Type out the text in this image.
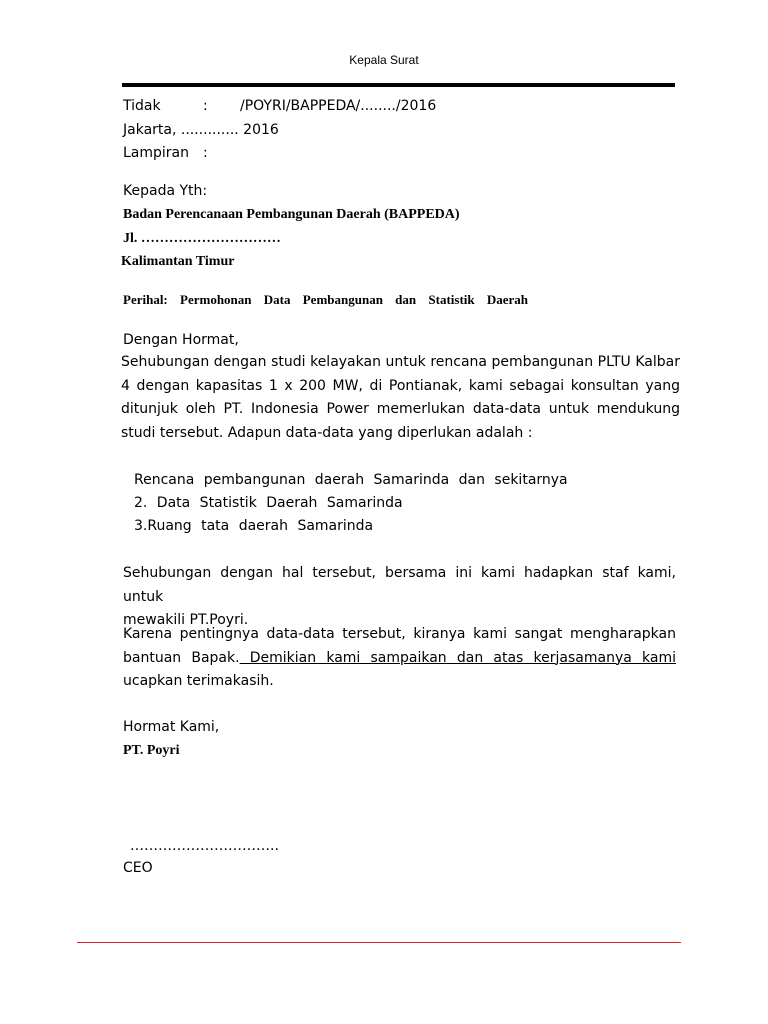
Kepala Surat
Tidak	: /POYRI/BAPPEDA/......../2016
Jakarta, ............. 2016
Lampiran :
Kepada Yth:
Badan Perencanaan Pembangunan Daerah (BAPPEDA)
Jl. …………………………
Kalimantan Timur
Perihal: Permohonan Data Pembangunan dan Statistik Daerah
Dengan Hormat,
Sehubungan dengan studi kelayakan untuk rencana pembangunan PLTU Kalbar
4 dengan kapasitas 1 x 200 MW, di Pontianak, kami sebagai konsultan yang
ditunjuk oleh PT. Indonesia Power memerlukan data-data untuk mendukung
studi tersebut. Adapun data-data yang diperlukan adalah :
Rencana pembangunan daerah Samarinda dan sekitarnya
2. Data Statistik Daerah Samarinda
3.Ruang tata daerah Samarinda
Sehubungan dengan hal tersebut, bersama ini kami hadapkan staf kami, untuk
mewakili PT.Poyri.
Karena pentingnya data-data tersebut, kiranya kami sangat mengharapkan
bantuan Bapak. Demikian kami sampaikan dan atas kerjasamanya kami
ucapkan terimakasih.
Hormat Kami,
PT. Poyri
…………………………..
CEO
